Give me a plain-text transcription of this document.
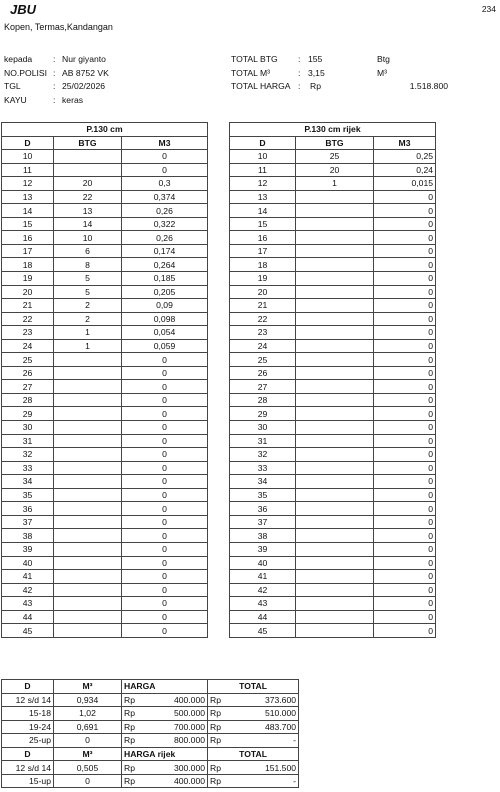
JBU	234
Kopen, Termas,Kandangan
kepada : Nur giyanto
NO.POLISI : AB 8752 VK
TGL	: 25/02/2026
KAYU	: keras
TOTAL BTG : 155	Btg
TOTAL M³	: 3,15	M³
TOTAL HARGA : Rp	1.518.800
P.130 cm		
D	BTG	M3
10		0
11		0
12	20	0,3
13	22	0,374
14	13	0,26
15	14	0,322
16	10	0,26
17	6	0,174
18	8	0,264
19	5	0,185
20	5	0,205
21	2	0,09
22	2	0,098
23	1	0,054
24	1	0,059
25		0
26		0
27		0
28		0
29		0
30		0
31		0
32		0
33		0
34		0
35		0
36		0
37		0
38		0
39		0
40		0
41		0
42		0
43		0
44		0
45		0
P.130 cm rijek		
D	BTG	M3
10	25	0,25
11	20	0,24
12	1	0,015
13		0
14		0
15		0
16		0
17		0
18		0
19		0
20		0
21		0
22		0
23		0
24		0
25		0
26		0
27		0
28		0
29		0
30		0
31		0
32		0
33		0
34		0
35		0
36		0
37		0
38		0
39		0
40		0
41		0
42		0
43		0
44		0
45		0
D	M³	HARGA		TOTAL	
12 s/d 14	0,934	Rp	400.000	Rp	373.600
15-18	1,02	Rp	500.000	Rp	510.000
19-24	0,691	Rp	700.000	Rp	483.700
25-up	0	Rp	800.000	Rp	-
D	M³	HARGA rijek		TOTAL	
12 s/d 14	0,505	Rp	300.000	Rp	151.500
15-up	0	Rp	400.000	Rp	-
